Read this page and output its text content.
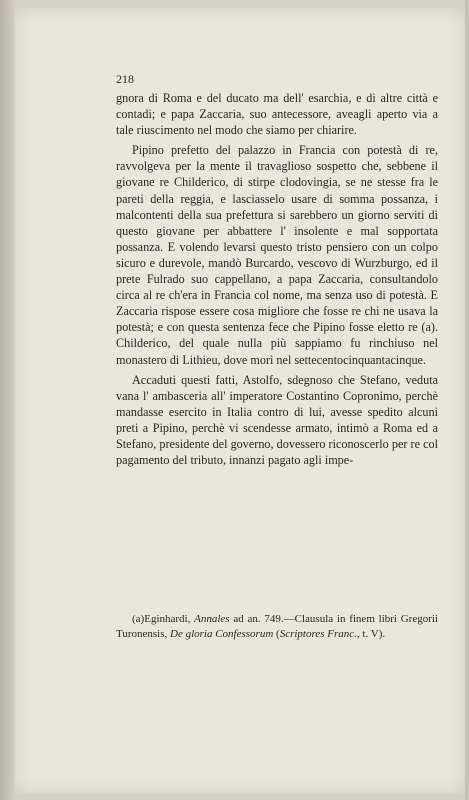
218

gnora di Roma e del ducato ma dell' esarchia, e di altre città e contadi; e papa Zaccaria, suo antecessore, aveagli aperto via a tale riuscimento nel modo che siamo per chiarire.

Pipino prefetto del palazzo in Francia con potestà di re, ravvolgeva per la mente il travaglioso sospetto che, sebbene il giovane re Childerico, di stirpe clodovingia, se ne stesse fra le pareti della reggia, e lasciasselo usare di somma possanza, i malcontenti della sua prefettura si sarebbero un giorno serviti di questo giovane per abbattere l' insolente e mal sopportata possanza. E volendo levarsi questo tristo pensiero con un colpo sicuro e durevole, mandò Burcardo, vescovo di Wurzburgo, ed il prete Fulrado suo cappellano, a papa Zaccaria, consultandolo circa al re ch'era in Francia col nome, ma senza uso di potestà. E Zaccaria rispose essere cosa migliore che fosse re chi ne usava la potestà; e con questa sentenza fece che Pipino fosse eletto re (a). Childerico, del quale nulla più sappiamo fu rinchiuso nel monastero di Lithieu, dove morì nel settecentocinquantacinque.

Accaduti questi fatti, Astolfo, sdegnoso che Stefano, veduta vana l' ambasceria all' imperatore Costantino Copronimo, perchè mandasse esercito in Italia contro di lui, avesse spedito alcuni preti a Pipino, perchè vi scendesse armato, intimò a Roma ed a Stefano, presidente del governo, dovessero riconoscerlo per re col pagamento del tributo, innanzi pagato agli impe-

(a)Eginhardi, Annales ad an. 749.—Clausula in finem libri Gregorii Turonensis, De gloria Confessorum (Scriptores Franc., t. V).
